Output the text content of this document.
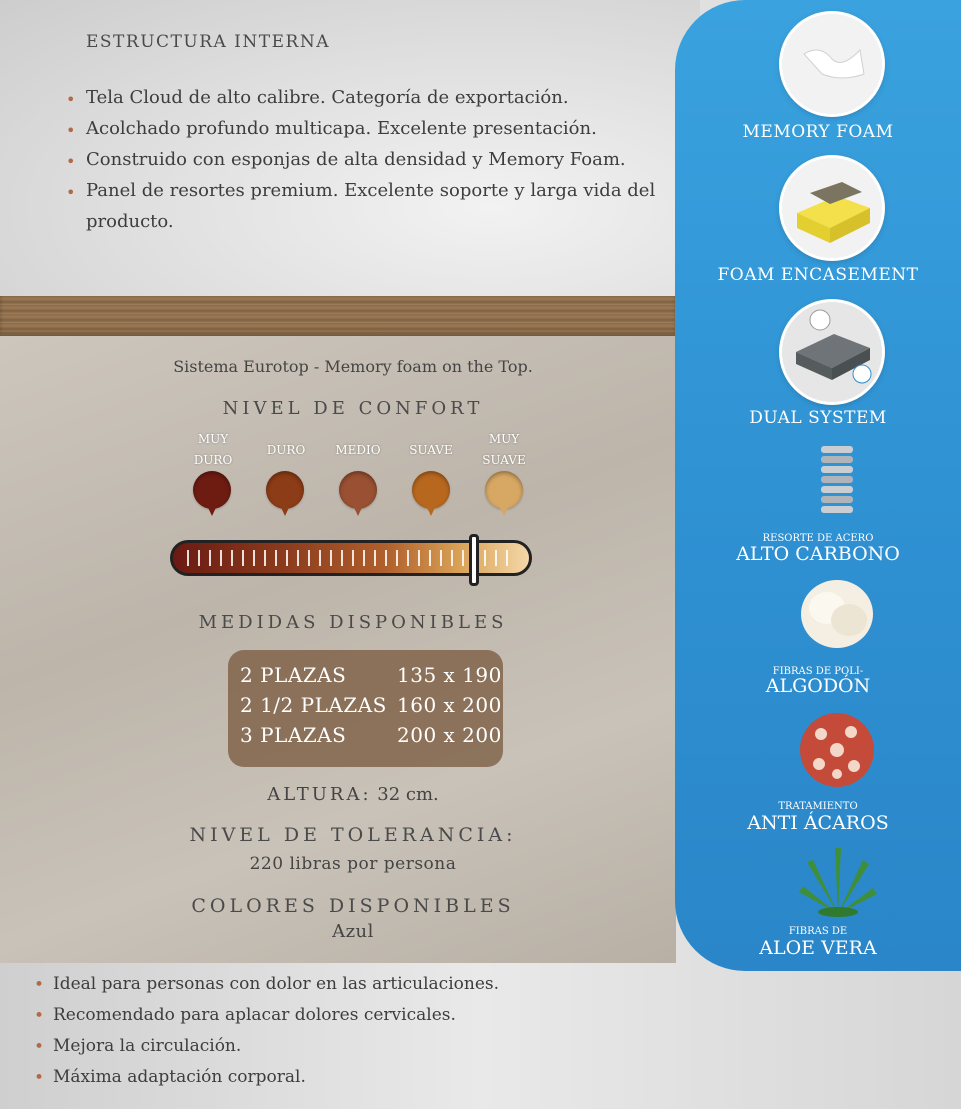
ESTRUCTURA INTERNA
• Tela Cloud de alto calibre. Categoría de exportación.
• Acolchado profundo multicapa. Excelente presentación.
• Construido con esponjas de alta densidad y Memory Foam.
• Panel de resortes premium. Excelente soporte y larga vida del producto.
Sistema Eurotop - Memory foam on the Top.
NIVEL DE CONFORT
MUY
DURO
DURO	MEDIO	SUAVE
MUY
SUAVE
MEDIDAS DISPONIBLES
2 PLAZAS	135 x 190
2 1/2 PLAZAS 160 x 200
3 PLAZAS	200 x 200
ALTURA: 32 cm.
NIVEL DE TOLERANCIA:
220 libras por persona
COLORES DISPONIBLES
Azul
• Ideal para personas con dolor en las articulaciones.
• Recomendado para aplacar dolores cervicales.
• Mejora la circulación.
• Máxima adaptación corporal.
MEMORY FOAM
FOAM ENCASEMENT
DUAL SYSTEM
RESORTE DE ACERO
ALTO CARBONO
FIBRAS DE POLI-
ALGODÓN
TRATAMIENTO
ANTI ÁCAROS
FIBRAS DE
ALOE VERA
